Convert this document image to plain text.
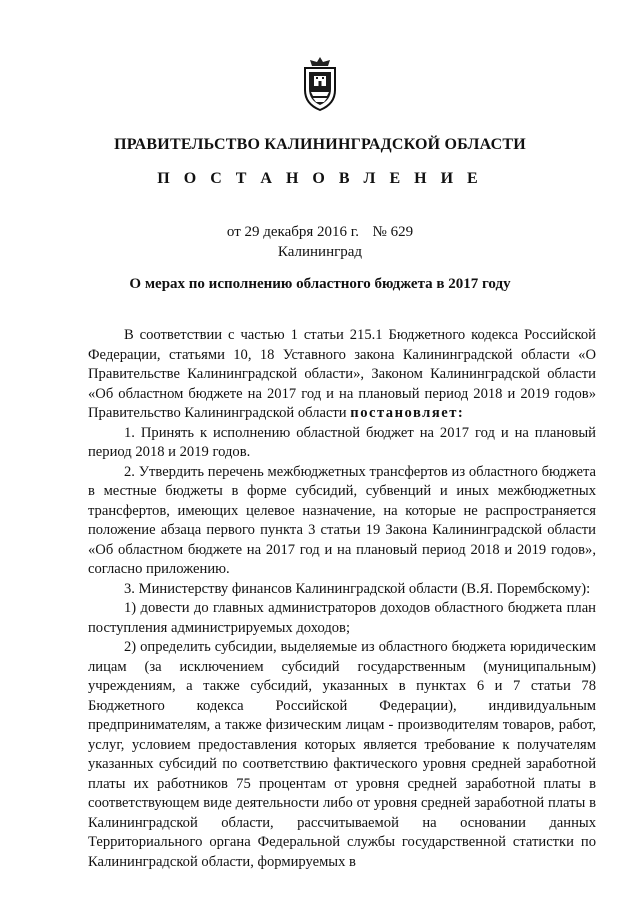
ПРАВИТЕЛЬСТВО КАЛИНИНГРАДСКОЙ ОБЛАСТИ
П О С Т А Н О В Л Е Н И Е
от 29 декабря 2016 г. № 629
Калининград
О мерах по исполнению областного бюджета в 2017 году

В соответствии с частью 1 статьи 215.1 Бюджетного кодекса Российской Федерации, статьями 10, 18 Уставного закона Калининградской области «О Правительстве Калининградской области», Законом Калининградской области «Об областном бюджете на 2017 год и на плановый период 2018 и 2019 годов» Правительство Калининградской области постановляет:

1. Принять к исполнению областной бюджет на 2017 год и на плановый период 2018 и 2019 годов.

2. Утвердить перечень межбюджетных трансфертов из областного бюджета в местные бюджеты в форме субсидий, субвенций и иных межбюджетных трансфертов, имеющих целевое назначение, на которые не распространяется положение абзаца первого пункта 3 статьи 19 Закона Калининградской области «Об областном бюджете на 2017 год и на плановый период 2018 и 2019 годов», согласно приложению.

3. Министерству финансов Калининградской области (В.Я. Порембскому):

1) довести до главных администраторов доходов областного бюджета план поступления администрируемых доходов;

2) определить субсидии, выделяемые из областного бюджета юридическим лицам (за исключением субсидий государственным (муниципальным) учреждениям, а также субсидий, указанных в пунктах 6 и 7 статьи 78 Бюджетного кодекса Российской Федерации), индивидуальным предпринимателям, а также физическим лицам - производителям товаров, работ, услуг, условием предоставления которых является требование к получателям указанных субсидий по соответствию фактического уровня средней заработной платы их работников 75 процентам от уровня средней заработной платы в соответствующем виде деятельности либо от уровня средней заработной платы в Калининградской области, рассчитываемой на основании данных Территориального органа Федеральной службы государственной статистки по Калининградской области, формируемых в
